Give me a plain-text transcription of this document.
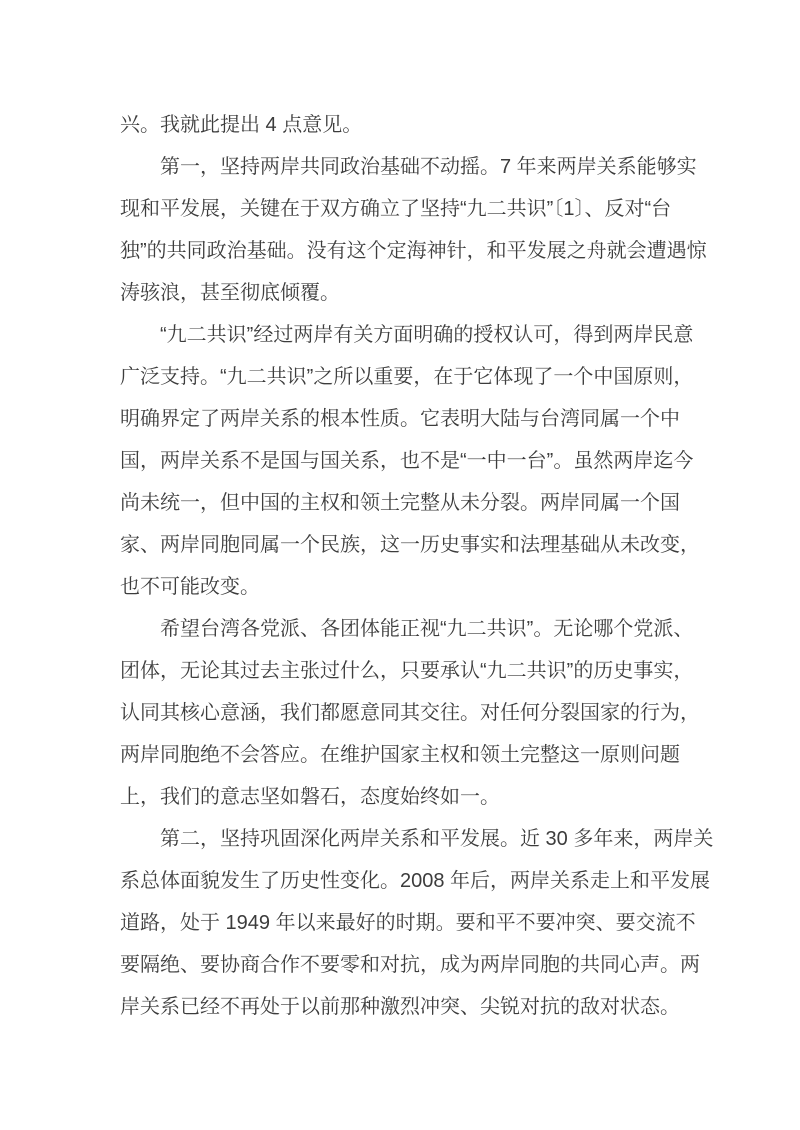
兴。我就此提出 4 点意见。
第一，坚持两岸共同政治基础不动摇。7 年来两岸关系能够实
现和平发展，关键在于双方确立了坚持“九二共识”〔1〕、反对“台
独”的共同政治基础。没有这个定海神针，和平发展之舟就会遭遇惊
涛骇浪，甚至彻底倾覆。
“九二共识”经过两岸有关方面明确的授权认可，得到两岸民意
广泛支持。“九二共识”之所以重要，在于它体现了一个中国原则，
明确界定了两岸关系的根本性质。它表明大陆与台湾同属一个中
国，两岸关系不是国与国关系，也不是“一中一台”。虽然两岸迄今
尚未统一，但中国的主权和领土完整从未分裂。两岸同属一个国
家、两岸同胞同属一个民族，这一历史事实和法理基础从未改变，
也不可能改变。
希望台湾各党派、各团体能正视“九二共识”。无论哪个党派、
团体，无论其过去主张过什么，只要承认“九二共识”的历史事实，
认同其核心意涵，我们都愿意同其交往。对任何分裂国家的行为，
两岸同胞绝不会答应。在维护国家主权和领土完整这一原则问题
上，我们的意志坚如磐石，态度始终如一。
第二，坚持巩固深化两岸关系和平发展。近 30 多年来，两岸关
系总体面貌发生了历史性变化。2008 年后，两岸关系走上和平发展
道路，处于 1949 年以来最好的时期。要和平不要冲突、要交流不
要隔绝、要协商合作不要零和对抗，成为两岸同胞的共同心声。两
岸关系已经不再处于以前那种激烈冲突、尖锐对抗的敌对状态。
